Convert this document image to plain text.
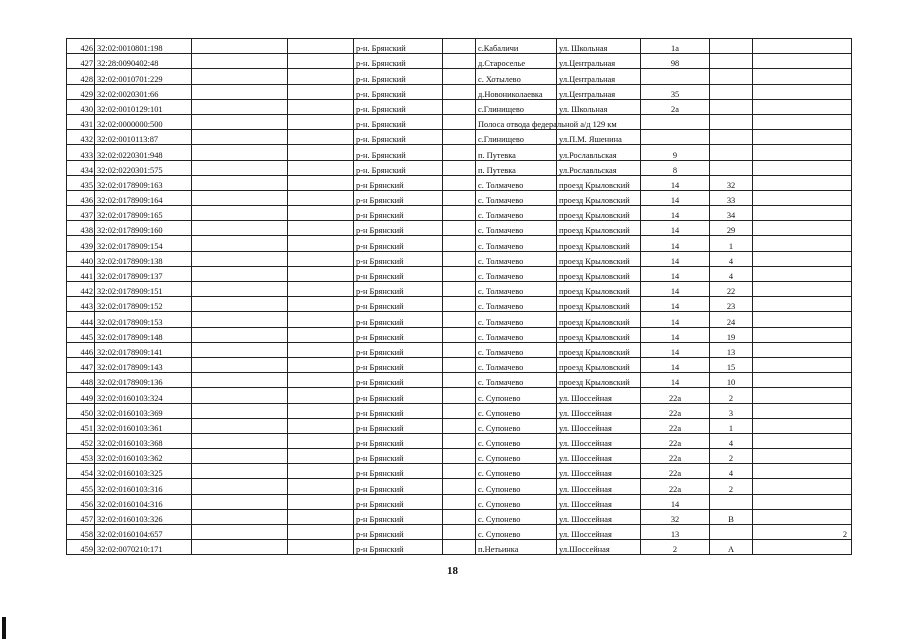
426	32:02:0010801:198			р-н. Брянский		с.Кабаличи	ул. Школьная	1а		
427	32:28:0090402:48			р-н. Брянский		д.Староселье	ул.Центральная	98		
428	32:02:0010701:229			р-н. Брянский		с. Хотылево	ул.Центральная			
429	32:02:0020301:66			р-н. Брянский		д.Новониколаевка	ул.Центральная	35		
430	32:02:0010129:101			р-н. Брянский		с.Глинищево	ул. Школьная	2а		
431	32:02:0000000:500			р-н. Брянский		Полоса отвода федеральной а/д 129 км				
432	32:02:0010113:87			р-н. Брянский		с.Глинищево	ул.П.М. Яшенина			
433	32:02:0220301:948			р-н. Брянский		п. Путевка	ул.Рославльская	9		
434	32:02:0220301:575			р-н. Брянский		п. Путевка	ул.Рославльская	8		
435	32:02:0178909:163			р-н Брянский		с. Толмачево	проезд Крыловский	14	32	
436	32:02:0178909:164			р-н Брянский		с. Толмачево	проезд Крыловский	14	33	
437	32:02:0178909:165			р-н Брянский		с. Толмачево	проезд Крыловский	14	34	
438	32:02:0178909:160			р-н Брянский		с. Толмачево	проезд Крыловский	14	29	
439	32:02:0178909:154			р-н Брянский		с. Толмачево	проезд Крыловский	14	1	
440	32:02:0178909:138			р-н Брянский		с. Толмачево	проезд Крыловский	14	4	
441	32:02:0178909:137			р-н Брянский		с. Толмачево	проезд Крыловский	14	4	
442	32:02:0178909:151			р-н Брянский		с. Толмачево	проезд Крыловский	14	22	
443	32:02:0178909:152			р-н Брянский		с. Толмачево	проезд Крыловский	14	23	
444	32:02:0178909:153			р-н Брянский		с. Толмачево	проезд Крыловский	14	24	
445	32:02:0178909:148			р-н Брянский		с. Толмачево	проезд Крыловский	14	19	
446	32:02:0178909:141			р-н Брянский		с. Толмачево	проезд Крыловский	14	13	
447	32:02:0178909:143			р-н Брянский		с. Толмачево	проезд Крыловский	14	15	
448	32:02:0178909:136			р-н Брянский		с. Толмачево	проезд Крыловский	14	10	
449	32:02:0160103:324			р-н Брянский		с. Супонево	ул. Шоссейная	22а	2	
450	32:02:0160103:369			р-н Брянский		с. Супонево	ул. Шоссейная	22а	3	
451	32:02:0160103:361			р-н Брянский		с. Супонево	ул. Шоссейная	22а	1	
452	32:02:0160103:368			р-н Брянский		с. Супонево	ул. Шоссейная	22а	4	
453	32:02:0160103:362			р-н Брянский		с. Супонево	ул. Шоссейная	22а	2	
454	32:02:0160103:325			р-н Брянский		с. Супонево	ул. Шоссейная	22а	4	
455	32:02:0160103:316			р-н Брянский		с. Супонево	ул. Шоссейная	22а	2	
456	32:02:0160104:316			р-н Брянский		с. Супонево	ул. Шоссейная	14		
457	32:02:0160103:326			р-н Брянский		с. Супонево	ул. Шоссейная	32	В	
458	32:02:0160104:657			р-н Брянский		с. Супонево	ул. Шоссейная	13		2
459	32:02:0070210:171			р-н Брянский		п.Нетьинка	ул.Шоссейная	2	А	
18
